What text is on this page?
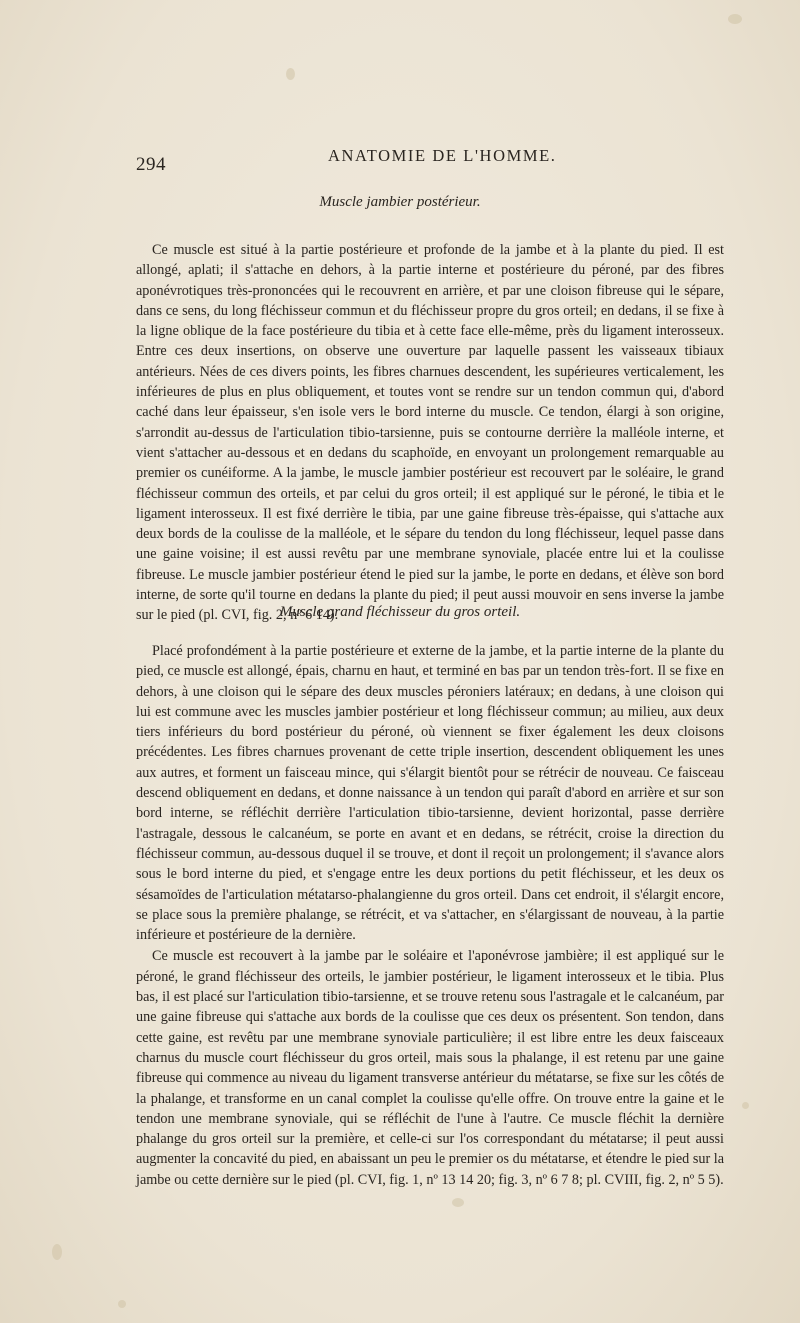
294	ANATOMIE DE L'HOMME.
Muscle jambier postérieur.

Ce muscle est situé à la partie postérieure et profonde de la jambe et à la plante du pied. Il est allongé, aplati; il s'attache en dehors, à la partie interne et postérieure du péroné, par des fibres aponévrotiques très-prononcées qui le recouvrent en arrière, et par une cloison fibreuse qui le sépare, dans ce sens, du long fléchisseur commun et du fléchisseur propre du gros orteil; en dedans, il se fixe à la ligne oblique de la face postérieure du tibia et à cette face elle-même, près du ligament interosseux. Entre ces deux insertions, on observe une ouverture par laquelle passent les vaisseaux tibiaux antérieurs. Nées de ces divers points, les fibres charnues descendent, les supérieures verticalement, les inférieures de plus en plus obliquement, et toutes vont se rendre sur un tendon commun qui, d'abord caché dans leur épaisseur, s'en isole vers le bord interne du muscle. Ce tendon, élargi à son origine, s'arrondit au-dessus de l'articulation tibio-tarsienne, puis se contourne derrière la malléole interne, et vient s'attacher au-dessous et en dedans du scaphoïde, en envoyant un prolongement remarquable au premier os cunéiforme. A la jambe, le muscle jambier postérieur est recouvert par le soléaire, le grand fléchisseur commun des orteils, et par celui du gros orteil; il est appliqué sur le péroné, le tibia et le ligament interosseux. Il est fixé derrière le tibia, par une gaine fibreuse très-épaisse, qui s'attache aux deux bords de la coulisse de la malléole, et le sépare du tendon du long fléchisseur, lequel passe dans une gaine voisine; il est aussi revêtu par une membrane synoviale, placée entre lui et la coulisse fibreuse. Le muscle jambier postérieur étend le pied sur la jambe, le porte en dedans, et élève son bord interne, de sorte qu'il tourne en dedans la plante du pied; il peut aussi mouvoir en sens inverse la jambe sur le pied (pl. CVI, fig. 2, nº 6 14).

Muscle grand fléchisseur du gros orteil.

Placé profondément à la partie postérieure et externe de la jambe, et la partie interne de la plante du pied, ce muscle est allongé, épais, charnu en haut, et terminé en bas par un tendon très-fort. Il se fixe en dehors, à une cloison qui le sépare des deux muscles péroniers latéraux; en dedans, à une cloison qui lui est commune avec les muscles jambier postérieur et long fléchisseur commun; au milieu, aux deux tiers inférieurs du bord postérieur du péroné, où viennent se fixer également les deux cloisons précédentes. Les fibres charnues provenant de cette triple insertion, descendent obliquement les unes aux autres, et forment un faisceau mince, qui s'élargit bientôt pour se rétrécir de nouveau. Ce faisceau descend obliquement en dedans, et donne naissance à un tendon qui paraît d'abord en arrière et sur son bord interne, se réfléchit derrière l'articulation tibio-tarsienne, devient horizontal, passe derrière l'astragale, dessous le calcanéum, se porte en avant et en dedans, se rétrécit, croise la direction du fléchisseur commun, au-dessous duquel il se trouve, et dont il reçoit un prolongement; il s'avance alors sous le bord interne du pied, et s'engage entre les deux portions du petit fléchisseur, et les deux os sésamoïdes de l'articulation métatarso-phalangienne du gros orteil. Dans cet endroit, il s'élargit encore, se place sous la première phalange, se rétrécit, et va s'attacher, en s'élargissant de nouveau, à la partie inférieure et postérieure de la dernière.

Ce muscle est recouvert à la jambe par le soléaire et l'aponévrose jambière; il est appliqué sur le péroné, le grand fléchisseur des orteils, le jambier postérieur, le ligament interosseux et le tibia. Plus bas, il est placé sur l'articulation tibio-tarsienne, et se trouve retenu sous l'astragale et le calcanéum, par une gaine fibreuse qui s'attache aux bords de la coulisse que ces deux os présentent. Son tendon, dans cette gaine, est revêtu par une membrane synoviale particulière; il est libre entre les deux faisceaux charnus du muscle court fléchisseur du gros orteil, mais sous la phalange, il est retenu par une gaine fibreuse qui commence au niveau du ligament transverse antérieur du métatarse, se fixe sur les côtés de la phalange, et transforme en un canal complet la coulisse qu'elle offre. On trouve entre la gaine et le tendon une membrane synoviale, qui se réfléchit de l'une à l'autre. Ce muscle fléchit la dernière phalange du gros orteil sur la première, et celle-ci sur l'os correspondant du métatarse; il peut aussi augmenter la concavité du pied, en abaissant un peu le premier os du métatarse, et étendre le pied sur la jambe ou cette dernière sur le pied (pl. CVI, fig. 1, nº 13 14 20; fig. 3, nº 6 7 8; pl. CVIII, fig. 2, nº 5 5).
